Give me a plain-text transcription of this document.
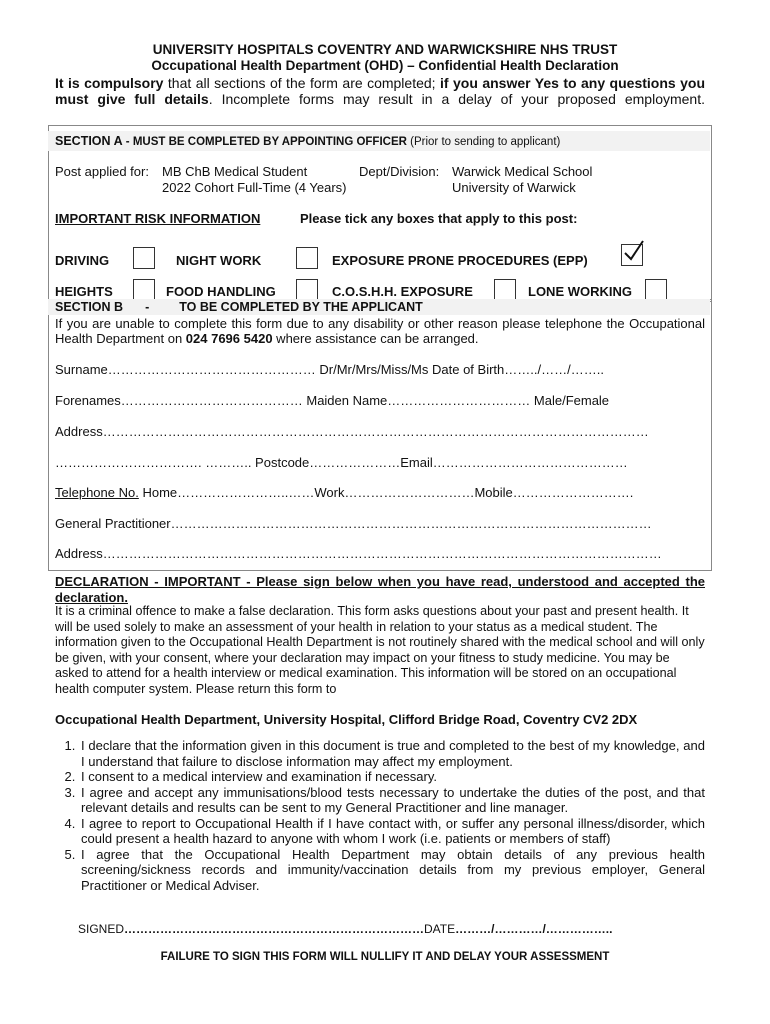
UNIVERSITY HOSPITALS COVENTRY AND WARWICKSHIRE NHS TRUST
Occupational Health Department (OHD) – Confidential Health Declaration
It is compulsory that all sections of the form are completed; if you answer Yes to any questions you must give full details. Incomplete forms may result in a delay of your proposed employment.
SECTION A - MUST BE COMPLETED BY APPOINTING OFFICER (Prior to sending to applicant)
Post applied for: MB ChB Medical Student
2022 Cohort Full-Time (4 Years)
Dept/Division: Warwick Medical School
University of Warwick
IMPORTANT RISK INFORMATION	Please tick any boxes that apply to this post:
DRIVING	NIGHT WORK	EXPOSURE PRONE PROCEDURES (EPP)
HEIGHTS	FOOD HANDLING	C.O.S.H.H. EXPOSURE	LONE WORKING
SECTION B - TO BE COMPLETED BY THE APPLICANT
If you are unable to complete this form due to any disability or other reason please telephone the Occupational Health Department on 024 7696 5420 where assistance can be arranged.
Surname………………………………………… Dr/Mr/Mrs/Miss/Ms Date of Birth……../……/……..
Forenames…………………………………… Maiden Name…………………………… Male/Female
Address………………………………………………………………………………………………………………
……………………………. ……….. Postcode…………………Email………………………………………
Telephone No. Home……………………..……Work…………………………Mobile……………………….
General Practitioner…………………………………………………………………………………………………
Address…………………………………………………………………………………………………………………
DECLARATION - IMPORTANT - Please sign below when you have read, understood and accepted the declaration.
It is a criminal offence to make a false declaration. This form asks questions about your past and present health. It will be used solely to make an assessment of your health in relation to your status as a medical student. The information given to the Occupational Health Department is not routinely shared with the medical school and will only be given, with your consent, where your declaration may impact on your fitness to study medicine. You may be asked to attend for a health interview or medical examination. This information will be stored on an occupational health computer system. Please return this form to
Occupational Health Department, University Hospital, Clifford Bridge Road, Coventry CV2 2DX
1. I declare that the information given in this document is true and completed to the best of my knowledge, and I understand that failure to disclose information may affect my employment.
2. I consent to a medical interview and examination if necessary.
3. I agree and accept any immunisations/blood tests necessary to undertake the duties of the post, and that relevant details and results can be sent to my General Practitioner and line manager.
4. I agree to report to Occupational Health if I have contact with, or suffer any personal illness/disorder, which could present a health hazard to anyone with whom I work (i.e. patients or members of staff)
5. I agree that the Occupational Health Department may obtain details of any previous health screening/sickness records and immunity/vaccination details from my previous employer, General Practitioner or Medical Adviser.
SIGNED…………………………………………………………………DATE………/…………/……………..
FAILURE TO SIGN THIS FORM WILL NULLIFY IT AND DELAY YOUR ASSESSMENT
